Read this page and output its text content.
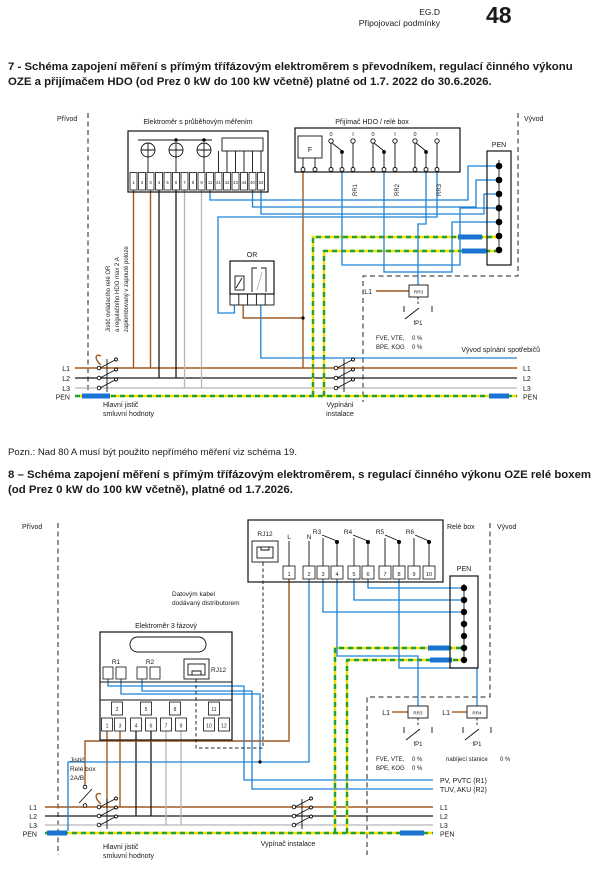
EG.D
Připojovací podmínky 48
7 - Schéma zapojení měření s přímým třífázovým elektroměrem s převodníkem, regulací činného výkonu OZE a přijímačem HDO (od Prez 0 kW do 100 kW včetně) platné od 1.7. 2022 do 30.6.2026.
Pozn.: Nad 80 A musí být použito nepřímého měření viz schéma 19.
8 – Schéma zapojení měření s přímým třífázovým elektroměrem, s regulací činného výkonu OZE relé boxem (od Prez 0 kW do 100 kW včetně), platné od 1.7.2026.
Přívod	Vývod
Elektroměr s průběhovým měřením
1 2 3 4 5 6 7 8 9 11 41 42 43 44 40 63
Přijímač HDO / relé box
F
0	I	0	I	0	I
RR1	RR2	RR3
PEN
OR
Jistič ovládacího relé OR a regulačního HDO max 2 A zaplombovaný v zapnuté poloze	L1	RR3
fP1
FVE, VTE, 0 %
BPE, KOG 0 %	Vývod spínání spotřebičů
Hlavní jistič
smluvní hodnoty
Vypínání
instalace
L1
L2
L3
PEN
L1
L2
L3
PEN
Přívod	Vývod
Relé box
RJ12 L N
R3	R4	R5	R6
1	2 3 4	5 6	7 8 9 10
PEN
Datovým kabel
dodávaný distributorem
Elektroměr 3 fázový
R1	R2
RJ12
2	5	8	11
1 3	4 6 7 9	10 12
Jistič
Relé box
2A/B
L1	RR3
fP1
FVE, VTE, 0 %
BPE, KOG 0 %
L1	RR4
fP1
nabíjecí stanice 0 %
PV, PVTC (R1)
TUV, AKU (R2)
Hlavní jistič
smluvní hodnoty
Vypínač instalace
L1
L2
L3
PEN
L1
L2
L3
PEN
